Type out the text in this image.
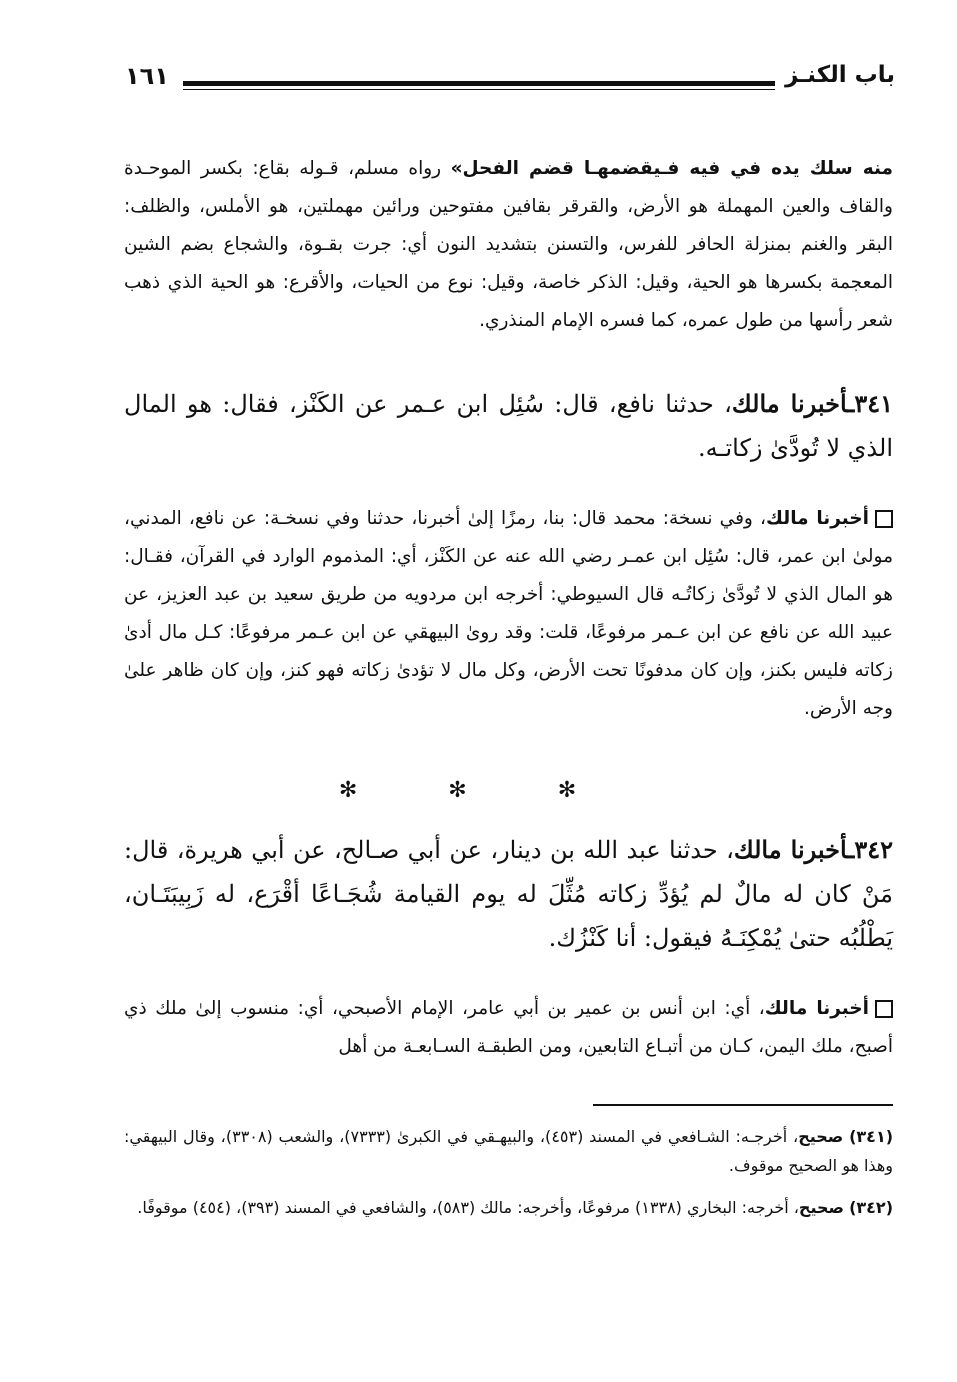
باب الكنـز
١٦١
منه سلك يده في فيه فـيقضمهـا قضم الفحل» رواه مسلم، قـوله بقاع: بكسر الموحـدة والقاف والعين المهملة هو الأرض، والقرقر بقافين مفتوحين ورائين مهملتين، هو الأملس، والظلف: البقر والغنم بمنزلة الحافر للفرس، والتسنن بتشديد النون أي: جرت بقـوة، والشجاع بضم الشين المعجمة بكسرها هو الحية، وقيل: الذكر خاصة، وقيل: نوع من الحيات، والأقرع: هو الحية الذي ذهب شعر رأسها من طول عمره، كما فسره الإمام المنذري.
٣٤١ـأخبرنا مالك، حدثنا نافع، قال: سُئِل ابن عـمر عن الكَنْز، فقال: هو المال الذي لا تُودَّىٰ زكاتـه.
أخبرنا مالك، وفي نسخة: محمد قال: بنا، رمزًا إلىٰ أخبرنا، حدثنا وفي نسخـة: عن نافع، المدني، مولىٰ ابن عمر، قال: سُئِل ابن عمـر رضي الله عنه عن الكَنْز، أي: المذموم الوارد في القرآن، فقـال: هو المال الذي لا تُودَّىٰ زكاتُـه قال السيوطي: أخرجه ابن مردويه من طريق سعيد بن عبد العزيز، عن عبيد الله عن نافع عن ابن عـمر مرفوعًا، قلت: وقد روىٰ البيهقي عن ابن عـمر مرفوعًا: كـل مال أدىٰ زكاته فليس بكنز، وإن كان مدفونًا تحت الأرض، وكل مال لا تؤدىٰ زكاته فهو كنز، وإن كان ظاهر علىٰ وجه الأرض.
✻ ✻ ✻
٣٤٢ـأخبرنا مالك، حدثنا عبد الله بن دينار، عن أبي صـالح، عن أبي هريرة، قال: مَنْ كان له مالٌ لم يُؤدِّ زكاته مُثِّلَ له يوم القيامة شُجَـاعًا أقْرَع، له زَبِيبَتَـان، يَطْلُبُه حتىٰ يُمْكِنَـهُ فيقول: أنا كَنْزُك.
أخبرنا مالك، أي: ابن أنس بن عمير بن أبي عامر، الإمام الأصبحي، أي: منسوب إلىٰ ملك ذي أصبح، ملك اليمن، كـان من أتبـاع التابعين، ومن الطبقـة السـابعـة من أهل
(٣٤١) صحيح، أخرجـه: الشـافعي في المسند (٤٥٣)، والبيهـقي في الكبرىٰ (٧٣٣٣)، والشعب (٣٣٠٨)، وقال البيهقي: وهذا هو الصحيح موقوف.
(٣٤٢) صحيح، أخرجه: البخاري (١٣٣٨) مرفوعًا، وأخرجه: مالك (٥٨٣)، والشافعي في المسند (٣٩٣)، (٤٥٤) موقوفًا.
